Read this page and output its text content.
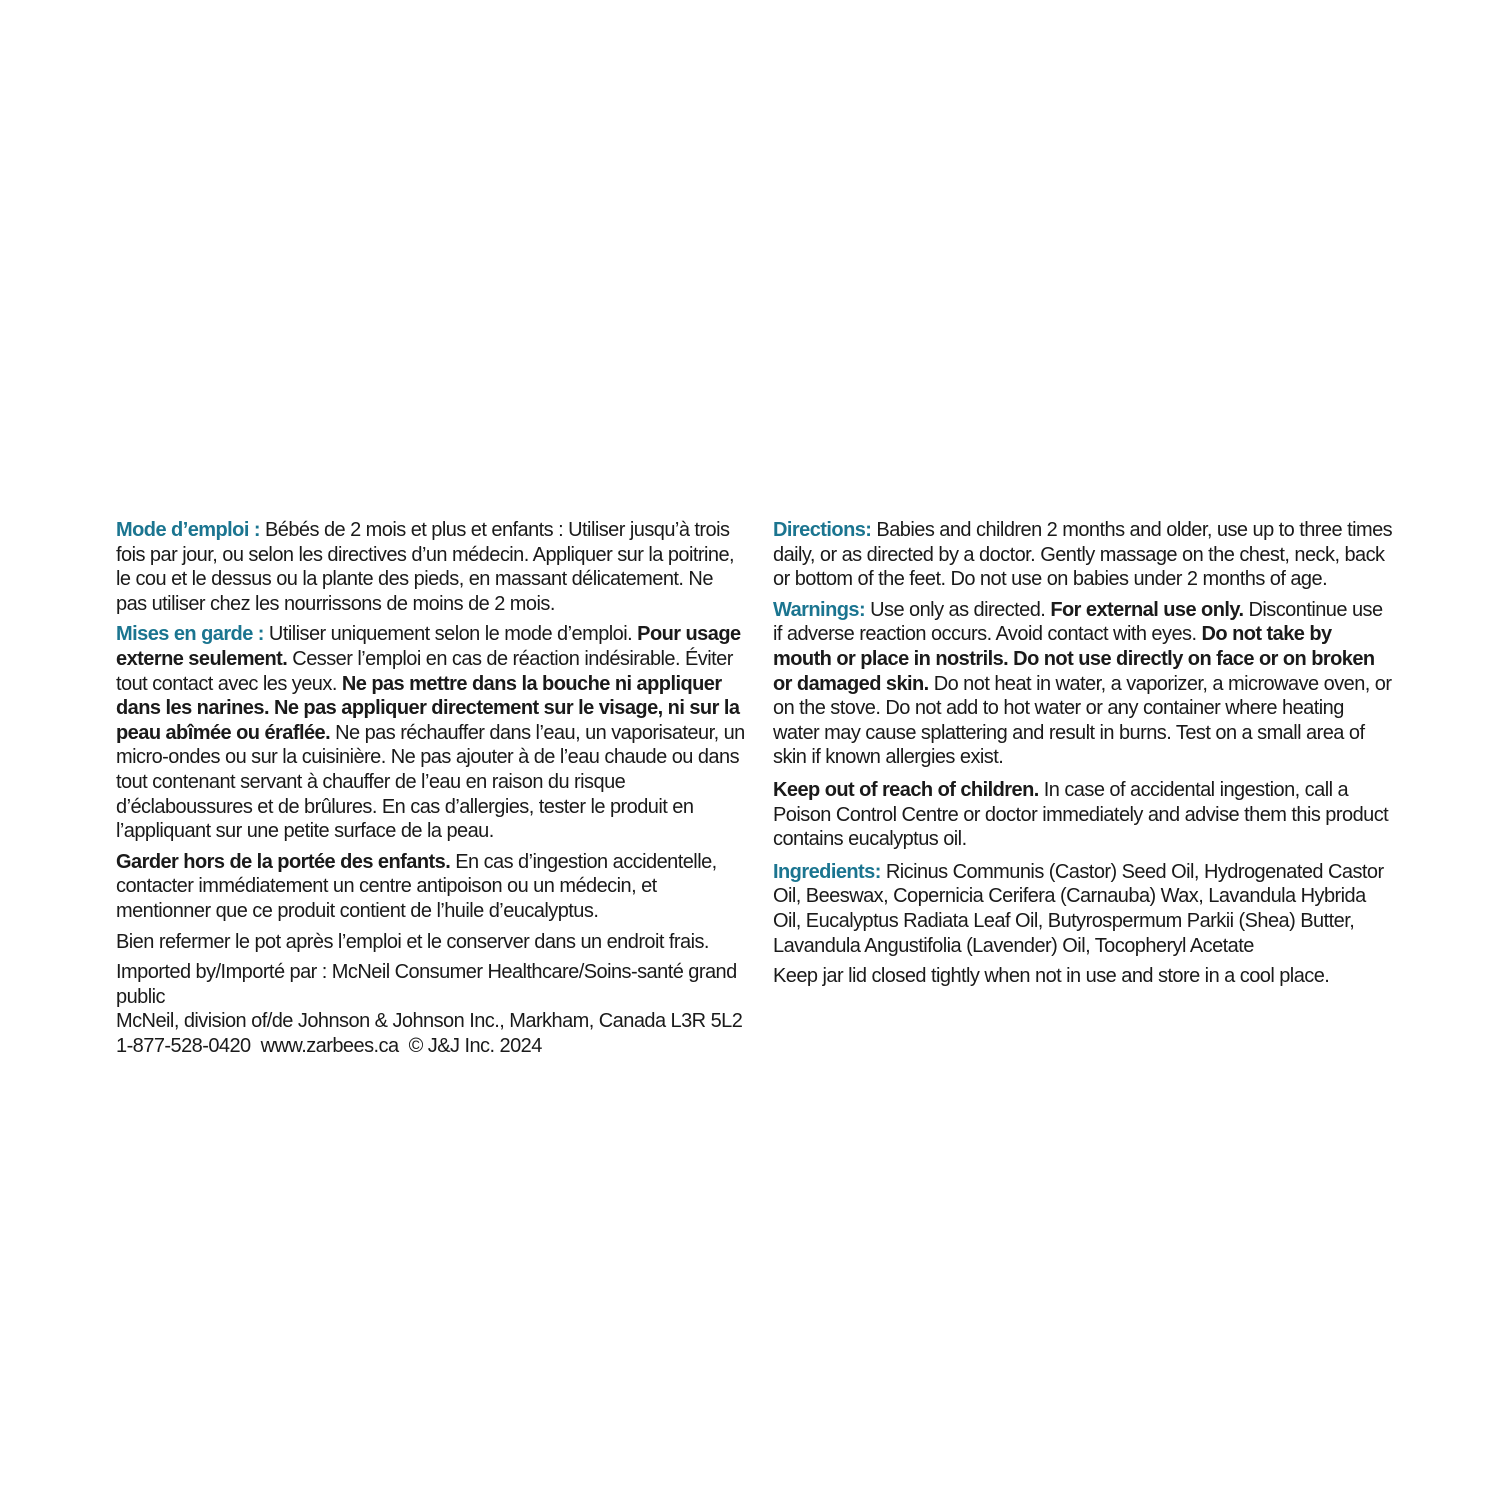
Mode d’emploi : Bébés de 2 mois et plus et enfants : Utiliser jusqu’à trois fois par jour, ou selon les directives d’un médecin. Appliquer sur la poitrine, le cou et le dessus ou la plante des pieds, en massant délicatement. Ne pas utiliser chez les nourrissons de moins de 2 mois.

Mises en garde : Utiliser uniquement selon le mode d’emploi. Pour usage externe seulement. Cesser l’emploi en cas de réaction indésirable. Éviter tout contact avec les yeux. Ne pas mettre dans la bouche ni appliquer dans les narines. Ne pas appliquer directement sur le visage, ni sur la peau abîmée ou éraflée. Ne pas réchauffer dans l’eau, un vaporisateur, un micro-ondes ou sur la cuisinière. Ne pas ajouter à de l’eau chaude ou dans tout contenant servant à chauffer de l’eau en raison du risque d’éclaboussures et de brûlures. En cas d’allergies, tester le produit en l’appliquant sur une petite surface de la peau.

Garder hors de la portée des enfants. En cas d’ingestion accidentelle, contacter immédiatement un centre antipoison ou un médecin, et mentionner que ce produit contient de l’huile d’eucalyptus.

Bien refermer le pot après l’emploi et le conserver dans un endroit frais.

Imported by/Importé par : McNeil Consumer Healthcare/Soins-santé grand public
McNeil, division of/de Johnson & Johnson Inc., Markham, Canada L3R 5L2
1-877-528-0420  www.zarbees.ca  © J&J Inc. 2024

Directions: Babies and children 2 months and older, use up to three times daily, or as directed by a doctor. Gently massage on the chest, neck, back or bottom of the feet. Do not use on babies under 2 months of age.

Warnings: Use only as directed. For external use only. Discontinue use if adverse reaction occurs. Avoid contact with eyes. Do not take by mouth or place in nostrils. Do not use directly on face or on broken or damaged skin. Do not heat in water, a vaporizer, a microwave oven, or on the stove. Do not add to hot water or any container where heating water may cause splattering and result in burns. Test on a small area of skin if known allergies exist.

Keep out of reach of children. In case of accidental ingestion, call a Poison Control Centre or doctor immediately and advise them this product contains eucalyptus oil.

Ingredients: Ricinus Communis (Castor) Seed Oil, Hydrogenated Castor Oil, Beeswax, Copernicia Cerifera (Carnauba) Wax, Lavandula Hybrida Oil, Eucalyptus Radiata Leaf Oil, Butyrospermum Parkii (Shea) Butter, Lavandula Angustifolia (Lavender) Oil, Tocopheryl Acetate

Keep jar lid closed tightly when not in use and store in a cool place.
